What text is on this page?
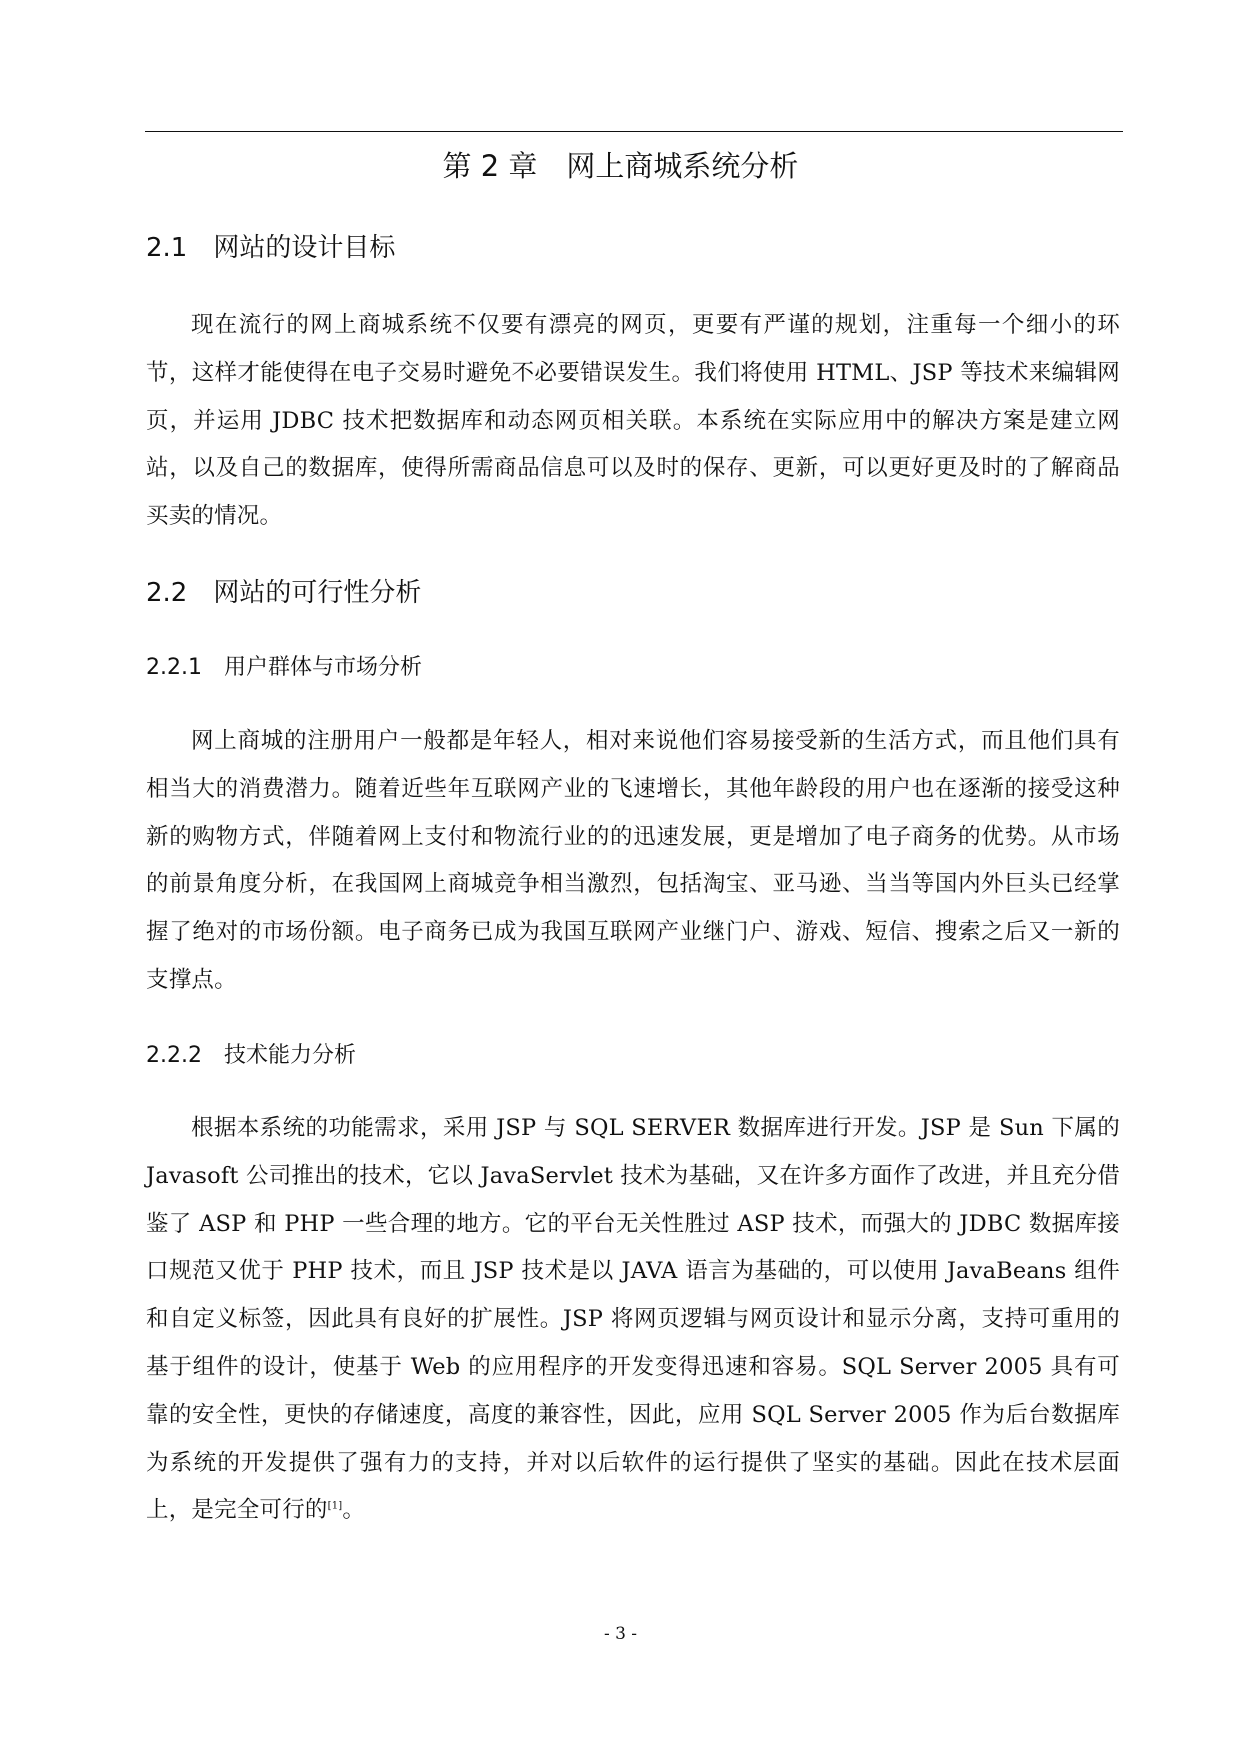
第 2 章　网上商城系统分析
2.1　网站的设计目标

现在流行的网上商城系统不仅要有漂亮的网页，更要有严谨的规划，注重每一个细小的环节，这样才能使得在电子交易时避免不必要错误发生。我们将使用 HTML、JSP 等技术来编辑网页，并运用 JDBC 技术把数据库和动态网页相关联。本系统在实际应用中的解决方案是建立网站，以及自己的数据库，使得所需商品信息可以及时的保存、更新，可以更好更及时的了解商品买卖的情况。

2.2　网站的可行性分析
2.2.1　用户群体与市场分析

网上商城的注册用户一般都是年轻人，相对来说他们容易接受新的生活方式，而且他们具有相当大的消费潜力。随着近些年互联网产业的飞速增长，其他年龄段的用户也在逐渐的接受这种新的购物方式，伴随着网上支付和物流行业的的迅速发展，更是增加了电子商务的优势。从市场的前景角度分析，在我国网上商城竞争相当激烈，包括淘宝、亚马逊、当当等国内外巨头已经掌握了绝对的市场份额。电子商务已成为我国互联网产业继门户、游戏、短信、搜索之后又一新的支撑点。

2.2.2　技术能力分析

根据本系统的功能需求，采用 JSP 与 SQL SERVER 数据库进行开发。JSP 是 Sun 下属的 Javasoft 公司推出的技术，它以 JavaServlet 技术为基础，又在许多方面作了改进，并且充分借鉴了 ASP 和 PHP 一些合理的地方。它的平台无关性胜过 ASP 技术，而强大的 JDBC 数据库接口规范又优于 PHP 技术，而且 JSP 技术是以 JAVA 语言为基础的，可以使用 JavaBeans 组件和自定义标签，因此具有良好的扩展性。JSP 将网页逻辑与网页设计和显示分离，支持可重用的基于组件的设计，使基于 Web 的应用程序的开发变得迅速和容易。SQL Server 2005 具有可靠的安全性，更快的存储速度，高度的兼容性，因此，应用 SQL Server 2005 作为后台数据库为系统的开发提供了强有力的支持，并对以后软件的运行提供了坚实的基础。因此在技术层面上，是完全可行的[1]。

- 3 -
